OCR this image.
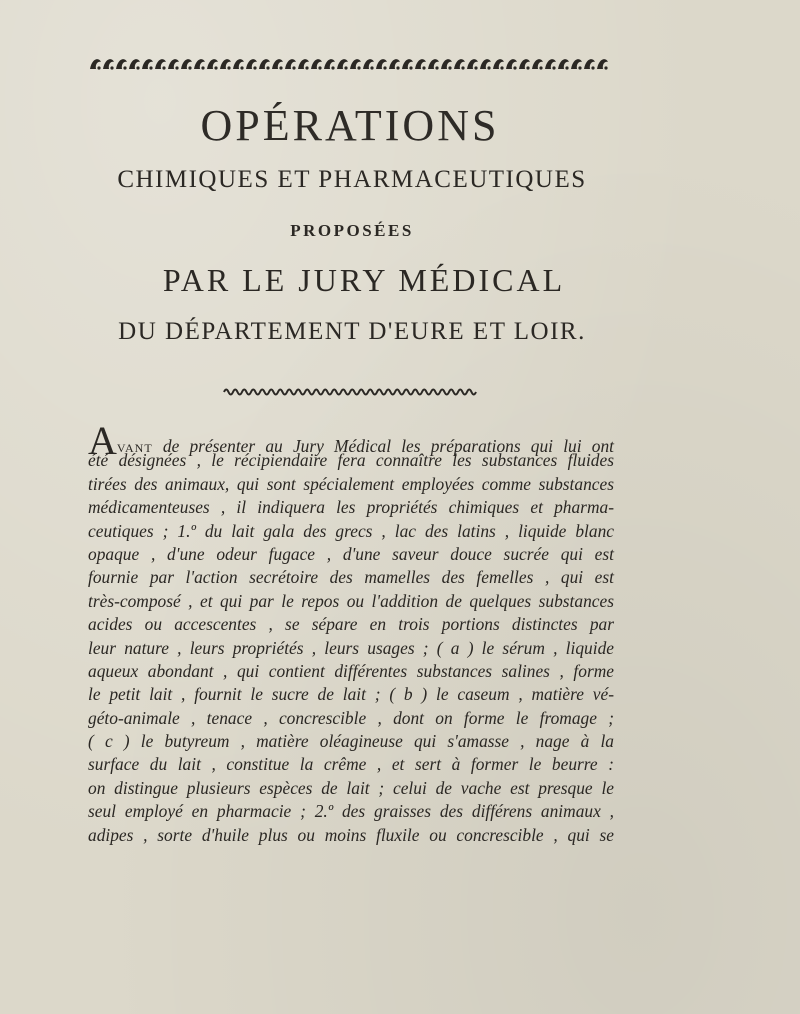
OPÉRATIONS
CHIMIQUES ET PHARMACEUTIQUES
PROPOSÉES
PAR LE JURY MÉDICAL
DU DÉPARTEMENT D'EURE ET LOIR.
Avant de présenter au Jury Médical les préparations qui lui ont
été désignées , le récipiendaire fera connaître les substances fluides
tirées des animaux, qui sont spécialement employées comme substances
médicamenteuses , il indiquera les propriétés chimiques et pharma-
ceutiques ; 1.º du lait gala des grecs , lac des latins , liquide blanc
opaque , d'une odeur fugace , d'une saveur douce sucrée qui est
fournie par l'action secrétoire des mamelles des femelles , qui est
très-composé , et qui par le repos ou l'addition de quelques substances
acides ou accescentes , se sépare en trois portions distinctes par
leur nature , leurs propriétés , leurs usages ; ( a ) le sérum , liquide
aqueux abondant , qui contient différentes substances salines , forme
le petit lait , fournit le sucre de lait ; ( b ) le caseum , matière vé-
géto-animale , tenace , concrescible , dont on forme le fromage ;
( c ) le butyreum , matière oléagineuse qui s'amasse , nage à la
surface du lait , constitue la crême , et sert à former le beurre :
on distingue plusieurs espèces de lait ; celui de vache est presque le
seul employé en pharmacie ; 2.º des graisses des différens animaux ,
adipes , sorte d'huile plus ou moins fluxile ou concrescible , qui se
